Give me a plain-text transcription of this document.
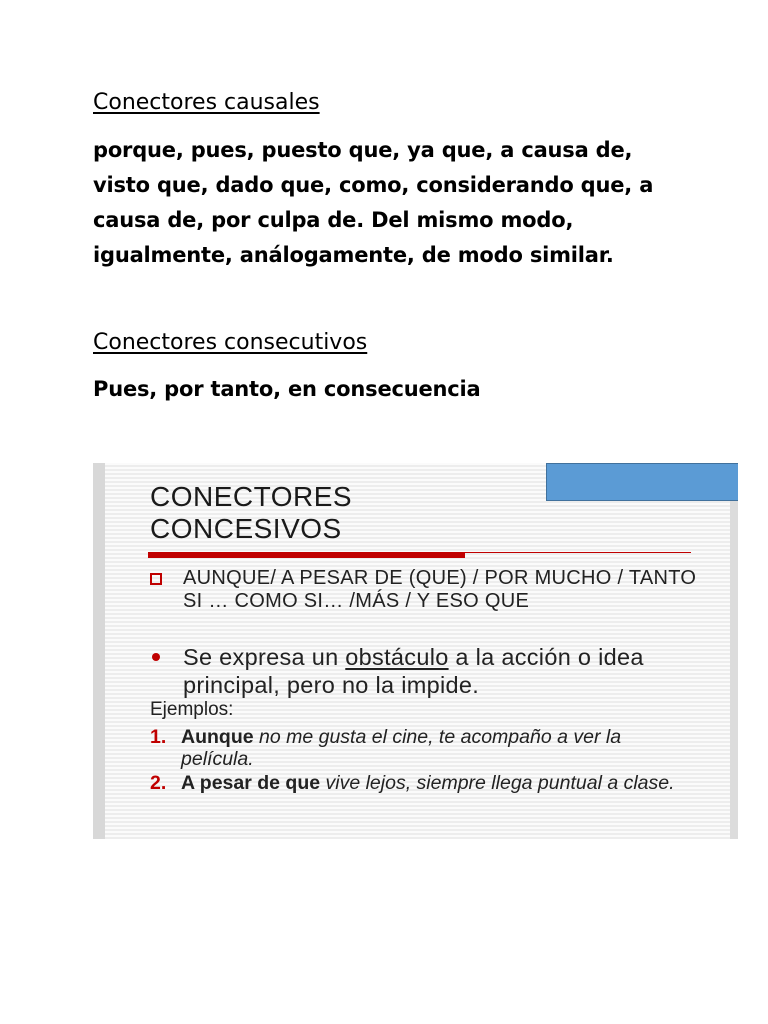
Conectores causales
porque, pues, puesto que, ya que, a causa de, visto que, dado que, como, considerando que, a causa de, por culpa de. Del mismo modo, igualmente, análogamente, de modo similar.
Conectores consecutivos
Pues, por tanto, en consecuencia
CONECTORES
CONCESIVOS
AUNQUE/ A PESAR DE (QUE) / POR MUCHO / TANTO SI … COMO SI… /MÁS / Y ESO QUE
Se expresa un obstáculo a la acción o idea principal, pero no la impide.
Ejemplos:
1. Aunque no me gusta el cine, te acompaño a ver la película.
2. A pesar de que vive lejos, siempre llega puntual a clase.
